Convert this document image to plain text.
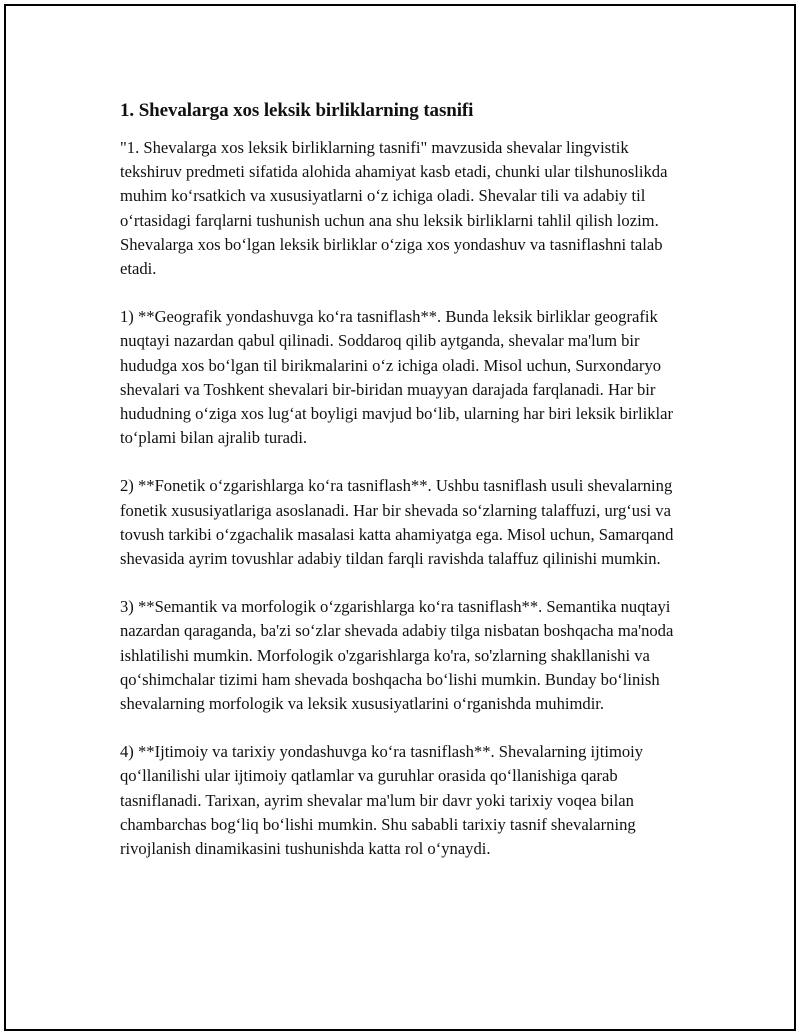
1. Shevalarga xos leksik birliklarning tasnifi

"1. Shevalarga xos leksik birliklarning tasnifi" mavzusida shevalar lingvistik tekshiruv predmeti sifatida alohida ahamiyat kasb etadi, chunki ular tilshunoslikda muhim ko‘rsatkich va xususiyatlarni o‘z ichiga oladi. Shevalar tili va adabiy til o‘rtasidagi farqlarni tushunish uchun ana shu leksik birliklarni tahlil qilish lozim. Shevalarga xos bo‘lgan leksik birliklar o‘ziga xos yondashuv va tasniflashni talab etadi.

1) **Geografik yondashuvga ko‘ra tasniflash**. Bunda leksik birliklar geografik nuqtayi nazardan qabul qilinadi. Soddaroq qilib aytganda, shevalar ma'lum bir hududga xos bo‘lgan til birikmalarini o‘z ichiga oladi. Misol uchun, Surxondaryo shevalari va Toshkent shevalari bir-biridan muayyan darajada farqlanadi. Har bir hududning o‘ziga xos lug‘at boyligi mavjud bo‘lib, ularning har biri leksik birliklar to‘plami bilan ajralib turadi.

2) **Fonetik o‘zgarishlarga ko‘ra tasniflash**. Ushbu tasniflash usuli shevalarning fonetik xususiyatlariga asoslanadi. Har bir shevada so‘zlarning talaffuzi, urg‘usi va tovush tarkibi o‘zgachalik masalasi katta ahamiyatga ega. Misol uchun, Samarqand shevasida ayrim tovushlar adabiy tildan farqli ravishda talaffuz qilinishi mumkin.

3) **Semantik va morfologik o‘zgarishlarga ko‘ra tasniflash**. Semantika nuqtayi nazardan qaraganda, ba'zi so‘zlar shevada adabiy tilga nisbatan boshqacha ma'noda ishlatilishi mumkin. Morfologik o'zgarishlarga ko'ra, so'zlarning shakllanishi va qo‘shimchalar tizimi ham shevada boshqacha bo‘lishi mumkin. Bunday bo‘linish shevalarning morfologik va leksik xususiyatlarini o‘rganishda muhimdir.

4) **Ijtimoiy va tarixiy yondashuvga ko‘ra tasniflash**. Shevalarning ijtimoiy qo‘llanilishi ular ijtimoiy qatlamlar va guruhlar orasida qo‘llanishiga qarab tasniflanadi. Tarixan, ayrim shevalar ma'lum bir davr yoki tarixiy voqea bilan chambarchas bog‘liq bo‘lishi mumkin. Shu sababli tarixiy tasnif shevalarning rivojlanish dinamikasini tushunishda katta rol o‘ynaydi.
